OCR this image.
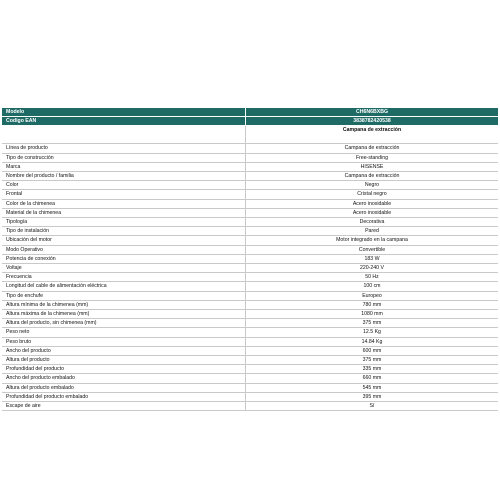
Modelo	CH6N6BXBG
Codigo EAN	3838782420538
	Campana de extracción
Línea de producto	Campana de extracción
Tipo de construcción	Free-standing
Marca	HISENSE
Nombre del producto / familia	Campana de extracción
Color	Negro
Frontal	Cristal negro
Color de la chimenea	Acero inoxidable
Material de la chimenea	Acero inoxidable
Tipología	Decorativa
Tipo de instalación	Pared
Ubicación del motor	Motor integrado en la campana
Modo Operativo	Convertible
Potencia de conexión	183 W
Voltaje	220-240 V
Frecuencia	50 Hz
Longitud del cable de alimentación eléctrica	100 cm
Tipo de enchufe	Europeo
Altura mínima de la chimenea (mm)	780 mm
Altura máxima de la chimenea (mm)	1080 mm
Altura del producto, sin chimenea (mm)	375 mm
Peso neto	12.5 Kg
Peso bruto	14.84 Kg
Ancho del producto	600 mm
Altura del producto	375 mm
Profundidad del producto	335 mm
Ancho del producto embalado	660 mm
Altura del producto embalado	545 mm
Profundidad del producto embalado	395 mm
Escape de aire	Sí
